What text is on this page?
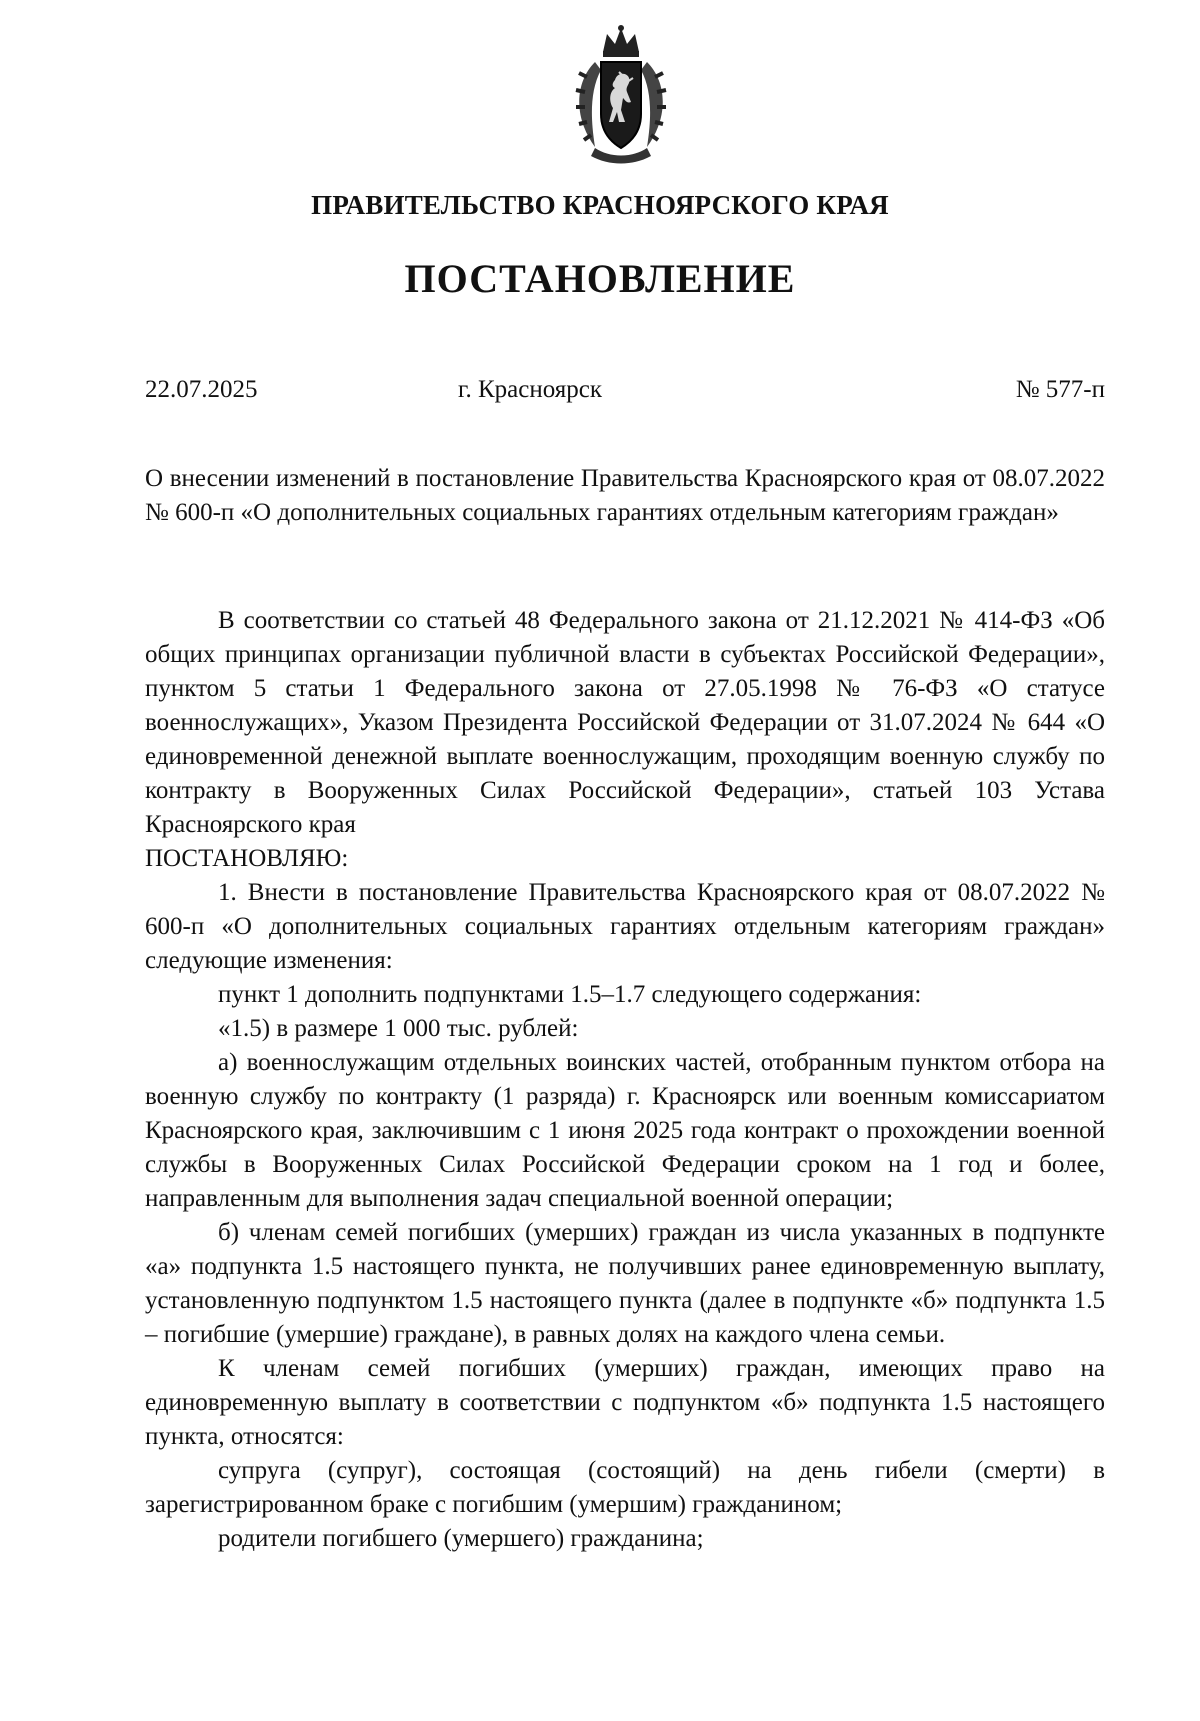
ПРАВИТЕЛЬСТВО КРАСНОЯРСКОГО КРАЯ
ПОСТАНОВЛЕНИЕ
22.07.2025	г. Красноярск	№ 577-п
О внесении изменений в постановление Правительства Красноярского края от 08.07.2022 № 600-п «О дополнительных социальных гарантиях отдельным категориям граждан»

В соответствии со статьей 48 Федерального закона от 21.12.2021 № 414-ФЗ «Об общих принципах организации публичной власти в субъектах Российской Федерации», пунктом 5 статьи 1 Федерального закона от 27.05.1998 № 76-ФЗ «О статусе военнослужащих», Указом Президента Российской Федерации от 31.07.2024 № 644 «О единовременной денежной выплате военнослужащим, проходящим военную службу по контракту в Вооруженных Силах Российской Федерации», статьей 103 Устава Красноярского края

ПОСТАНОВЛЯЮ:

1. Внести в постановление Правительства Красноярского края от 08.07.2022 № 600-п «О дополнительных социальных гарантиях отдельным категориям граждан» следующие изменения:

пункт 1 дополнить подпунктами 1.5–1.7 следующего содержания:

«1.5) в размере 1 000 тыс. рублей:

а) военнослужащим отдельных воинских частей, отобранным пунктом отбора на военную службу по контракту (1 разряда) г. Красноярск или военным комиссариатом Красноярского края, заключившим с 1 июня 2025 года контракт о прохождении военной службы в Вооруженных Силах Российской Федерации сроком на 1 год и более, направленным для выполнения задач специальной военной операции;

б) членам семей погибших (умерших) граждан из числа указанных в подпункте «а» подпункта 1.5 настоящего пункта, не получивших ранее единовременную выплату, установленную подпунктом 1.5 настоящего пункта (далее в подпункте «б» подпункта 1.5 – погибшие (умершие) граждане), в равных долях на каждого члена семьи.

К членам семей погибших (умерших) граждан, имеющих право на единовременную выплату в соответствии с подпунктом «б» подпункта 1.5 настоящего пункта, относятся:

супруга (супруг), состоящая (состоящий) на день гибели (смерти) в зарегистрированном браке с погибшим (умершим) гражданином;

родители погибшего (умершего) гражданина;
